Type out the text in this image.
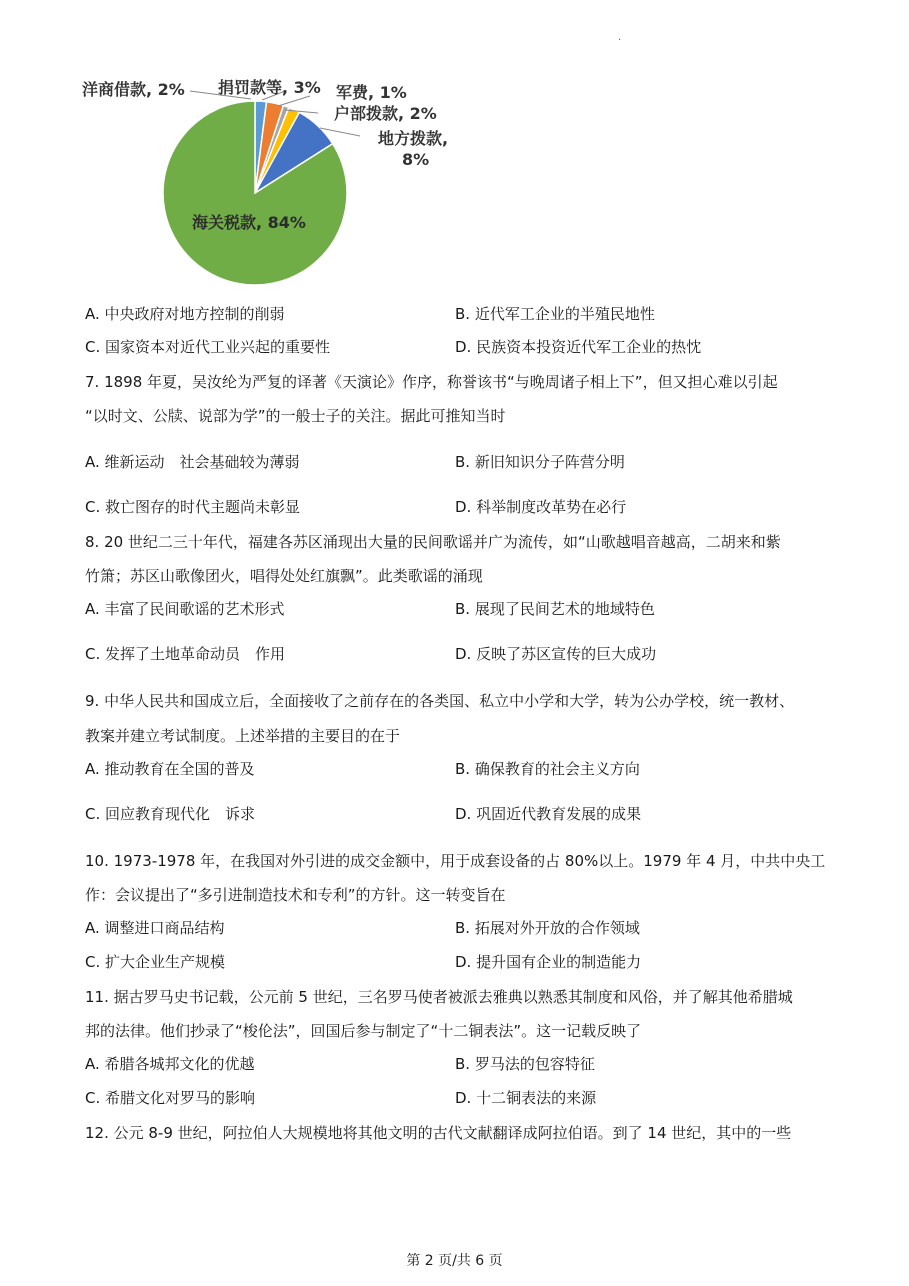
.
洋商借款, 2% 捐罚款等, 3% 军费, 1%
户部拨款, 2%
地方拨款,
8%
海关税款, 84%
A. 中央政府对地方控制的削弱	B. 近代军工企业的半殖民地性
C. 国家资本对近代工业兴起的重要性	D. 民族资本投资近代军工企业的热忱
7. 1898 年夏，吴汝纶为严复的译著《天演论》作序，称誉该书“与晚周诸子相上下”，但又担心难以引起
“以时文、公牍、说部为学”的一般士子的关注。据此可推知当时
A. 维新运动　社会基础较为薄弱	B. 新旧知识分子阵营分明
C. 救亡图存的时代主题尚未彰显	D. 科举制度改革势在必行
8. 20 世纪二三十年代，福建各苏区涌现出大量的民间歌谣并广为流传，如“山歌越唱音越高，二胡来和紫
竹箫；苏区山歌像团火，唱得处处红旗飘”。此类歌谣的涌现
A. 丰富了民间歌谣的艺术形式	B. 展现了民间艺术的地域特色
C. 发挥了土地革命动员　作用	D. 反映了苏区宣传的巨大成功
9. 中华人民共和国成立后，全面接收了之前存在的各类国、私立中小学和大学，转为公办学校，统一教材、
教案并建立考试制度。上述举措的主要目的在于
A. 推动教育在全国的普及	B. 确保教育的社会主义方向
C. 回应教育现代化　诉求	D. 巩固近代教育发展的成果
10. 1973-1978 年，在我国对外引进的成交金额中，用于成套设备的占 80%以上。1979 年 4 月，中共中央工
作：会议提出了“多引进制造技术和专利”的方针。这一转变旨在
A. 调整进口商品结构	B. 拓展对外开放的合作领域
C. 扩大企业生产规模	D. 提升国有企业的制造能力
11. 据古罗马史书记载，公元前 5 世纪，三名罗马使者被派去雅典以熟悉其制度和风俗，并了解其他希腊城
邦的法律。他们抄录了“梭伦法”，回国后参与制定了“十二铜表法”。这一记载反映了
A. 希腊各城邦文化的优越	B. 罗马法的包容特征
C. 希腊文化对罗马的影响	D. 十二铜表法的来源
12. 公元 8-9 世纪，阿拉伯人大规模地将其他文明的古代文献翻译成阿拉伯语。到了 14 世纪，其中的一些
第 2 页/共 6 页
